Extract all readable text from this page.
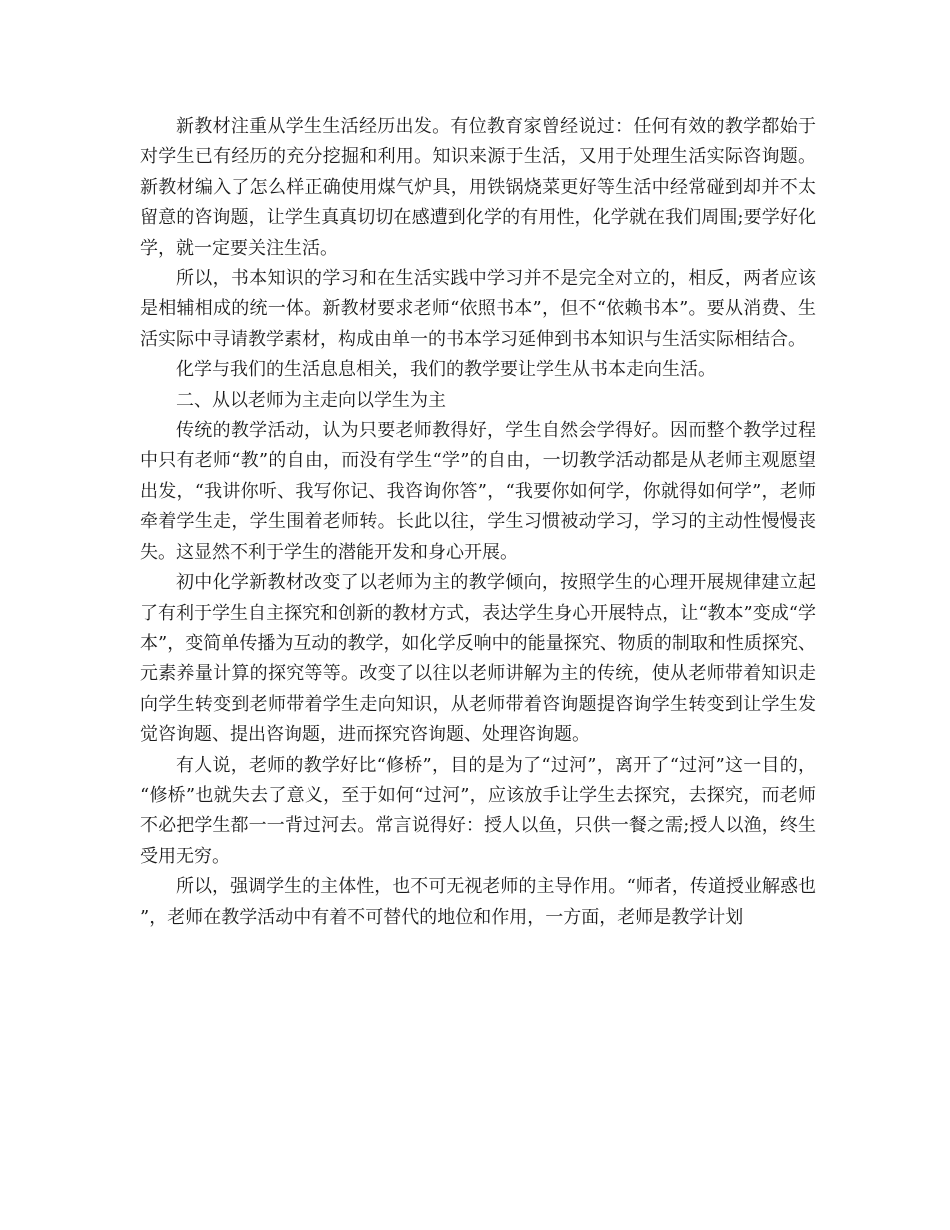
新教材注重从学生生活经历出发。有位教育家曾经说过：任何有效的教学都始于对学生已有经历的充分挖掘和利用。知识来源于生活，又用于处理生活实际咨询题。新教材编入了怎么样正确使用煤气炉具，用铁锅烧菜更好等生活中经常碰到却并不太留意的咨询题，让学生真真切切在感遭到化学的有用性，化学就在我们周围;要学好化学，就一定要关注生活。

所以，书本知识的学习和在生活实践中学习并不是完全对立的，相反，两者应该是相辅相成的统一体。新教材要求老师“依照书本”，但不“依赖书本”。要从消费、生活实际中寻请教学素材，构成由单一的书本学习延伸到书本知识与生活实际相结合。

化学与我们的生活息息相关，我们的教学要让学生从书本走向生活。

二、从以老师为主走向以学生为主

传统的教学活动，认为只要老师教得好，学生自然会学得好。因而整个教学过程中只有老师“教”的自由，而没有学生“学”的自由，一切教学活动都是从老师主观愿望出发，“我讲你听、我写你记、我咨询你答”，“我要你如何学，你就得如何学”，老师牵着学生走，学生围着老师转。长此以往，学生习惯被动学习，学习的主动性慢慢丧失。这显然不利于学生的潜能开发和身心开展。

初中化学新教材改变了以老师为主的教学倾向，按照学生的心理开展规律建立起了有利于学生自主探究和创新的教材方式，表达学生身心开展特点，让“教本”变成“学本”，变简单传播为互动的教学，如化学反响中的能量探究、物质的制取和性质探究、元素养量计算的探究等等。改变了以往以老师讲解为主的传统，使从老师带着知识走向学生转变到老师带着学生走向知识，从老师带着咨询题提咨询学生转变到让学生发觉咨询题、提出咨询题，进而探究咨询题、处理咨询题。

有人说，老师的教学好比“修桥”，目的是为了“过河”，离开了“过河”这一目的，“修桥”也就失去了意义，至于如何“过河”，应该放手让学生去探究，去探究，而老师不必把学生都一一背过河去。常言说得好：授人以鱼，只供一餐之需;授人以渔，终生受用无穷。

所以，强调学生的主体性，也不可无视老师的主导作用。“师者，传道授业解惑也”，老师在教学活动中有着不可替代的地位和作用，一方面，老师是教学计划
